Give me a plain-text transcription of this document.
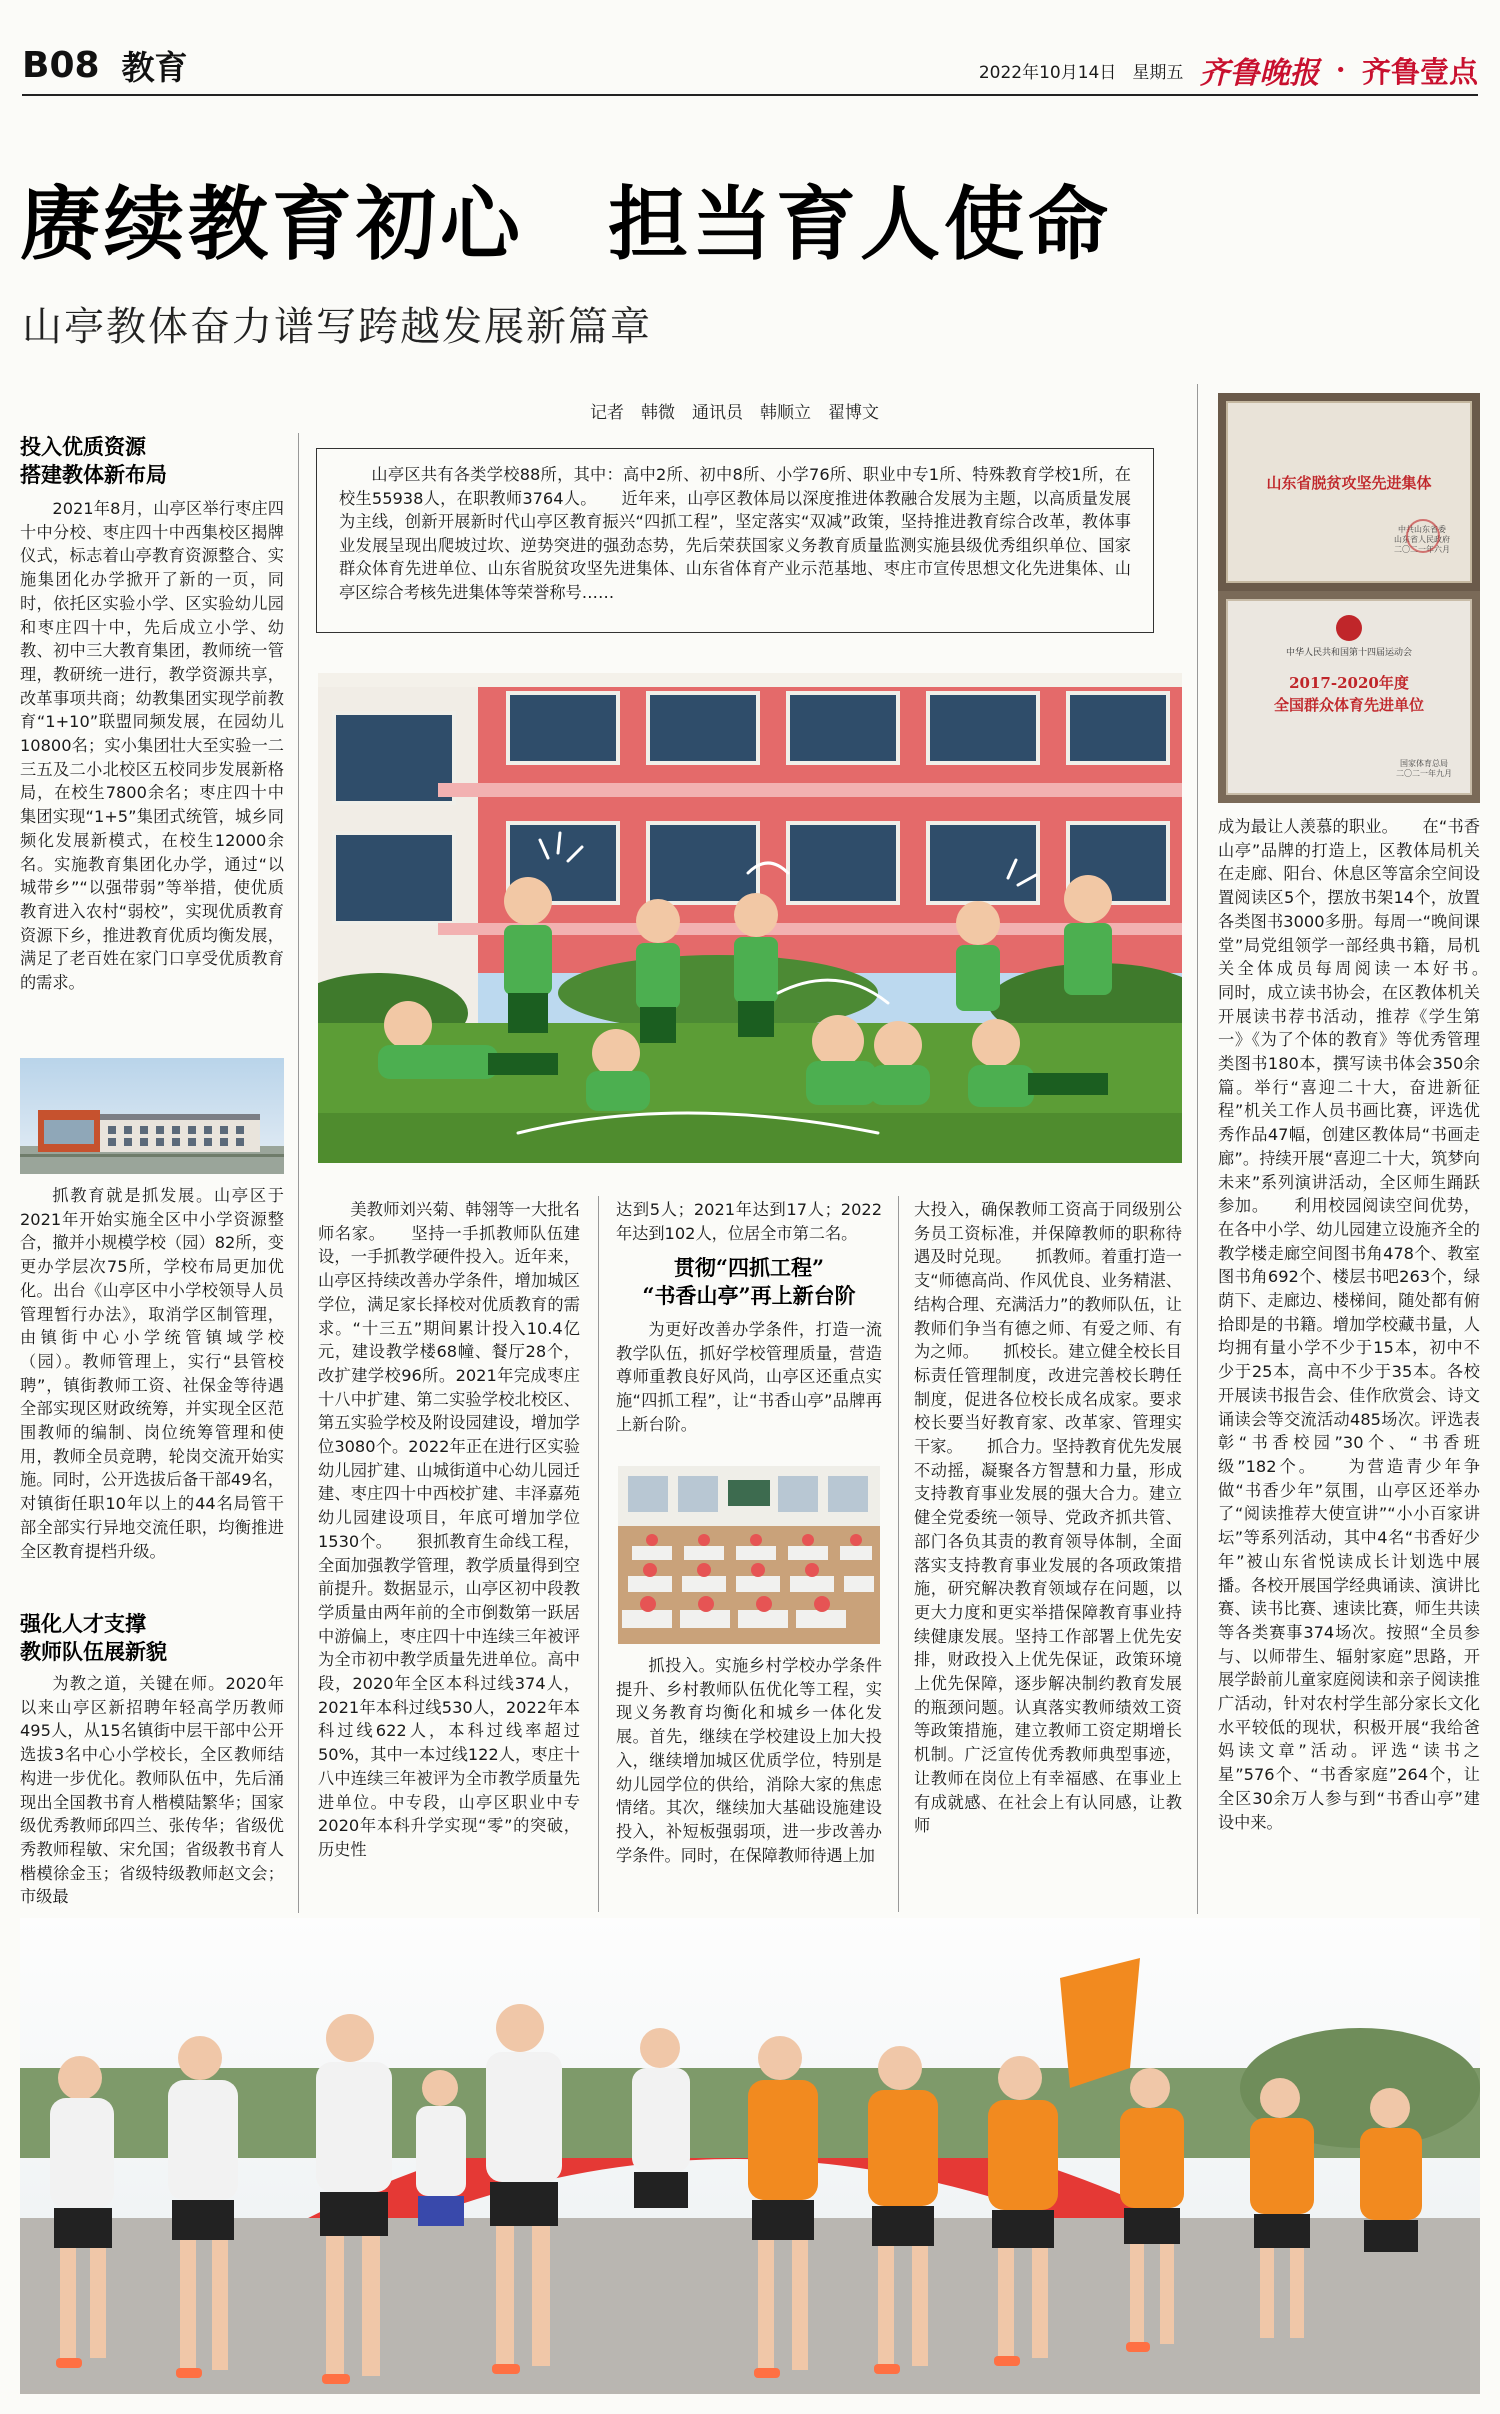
B08 教育	2022年10月14日 星期五 齐鲁晚报 • 齐鲁壹点
赓续教育初心　担当育人使命
山亭教体奋力谱写跨越发展新篇章
记者　韩微　通讯员　韩顺立　翟博文

山亭区共有各类学校88所，其中：高中2所、初中8所、小学76所、职业中专1所、特殊教育学校1所，在校生55938人，在职教师3764人。　　近年来，山亭区教体局以深度推进体教融合发展为主题，以高质量发展为主线，创新开展新时代山亭区教育振兴“四抓工程”，坚定落实“双减”政策，坚持推进教育综合改革，教体事业发展呈现出爬坡过坎、逆势突进的强劲态势，先后荣获国家义务教育质量监测实施县级优秀组织单位、国家群众体育先进单位、山东省脱贫攻坚先进集体、山东省体育产业示范基地、枣庄市宣传思想文化先进集体、山亭区综合考核先进集体等荣誉称号……

投入优质资源
搭建教体新布局

2021年8月，山亭区举行枣庄四十中分校、枣庄四十中西集校区揭牌仪式，标志着山亭教育资源整合、实施集团化办学掀开了新的一页，同时，依托区实验小学、区实验幼儿园和枣庄四十中，先后成立小学、幼教、初中三大教育集团，教师统一管理，教研统一进行，教学资源共享，改革事项共商；幼教集团实现学前教育“1+10”联盟同频发展，在园幼儿10800名；实小集团壮大至实验一二三五及二小北校区五校同步发展新格局，在校生7800余名；枣庄四十中集团实现“1+5”集团式统管，城乡同频化发展新模式，在校生12000余名。实施教育集团化办学，通过“以城带乡”“以强带弱”等举措，使优质教育进入农村“弱校”，实现优质教育资源下乡，推进教育优质均衡发展，满足了老百姓在家门口享受优质教育的需求。

抓教育就是抓发展。山亭区于2021年开始实施全区中小学资源整合，撤并小规模学校（园）82所，变更办学层次75所，学校布局更加优化。出台《山亭区中小学校领导人员管理暂行办法》，取消学区制管理，由镇街中心小学统管镇域学校（园）。教师管理上，实行“县管校聘”，镇街教师工资、社保金等待遇全部实现区财政统筹，并实现全区范围教师的编制、岗位统筹管理和使用，教师全员竞聘，轮岗交流开始实施。同时，公开选拔后备干部49名，对镇街任职10年以上的44名局管干部全部实行异地交流任职，均衡推进全区教育提档升级。

强化人才支撑
教师队伍展新貌

为教之道，关键在师。2020年以来山亭区新招聘年轻高学历教师495人，从15名镇街中层干部中公开选拔3名中心小学校长，全区教师结构进一步优化。教师队伍中，先后涌现出全国教书育人楷模陆繁华；国家级优秀教师邱四兰、张传华；省级优秀教师程敏、宋允国；省级教书育人楷模徐金玉；省级特级教师赵文会；市级最

美教师刘兴菊、韩翎等一大批名师名家。　　坚持一手抓教师队伍建设，一手抓教学硬件投入。近年来，山亭区持续改善办学条件，增加城区学位，满足家长择校对优质教育的需求。“十三五”期间累计投入10.4亿元，建设教学楼68幢、餐厅28个，改扩建学校96所。2021年完成枣庄十八中扩建、第二实验学校北校区、第五实验学校及附设园建设，增加学位3080个。2022年正在进行区实验幼儿园扩建、山城街道中心幼儿园迁建、枣庄四十中西校扩建、丰泽嘉苑幼儿园建设项目，年底可增加学位1530个。　　狠抓教育生命线工程，全面加强教学管理，教学质量得到空前提升。数据显示，山亭区初中段教学质量由两年前的全市倒数第一跃居中游偏上，枣庄四十中连续三年被评为全市初中教学质量先进单位。高中段，2020年全区本科过线374人，2021年本科过线530人，2022年本科过线622人，本科过线率超过50%，其中一本过线122人，枣庄十八中连续三年被评为全市教学质量先进单位。中专段，山亭区职业中专2020年本科升学实现“零”的突破，历史性

达到5人；2021年达到17人；2022年达到102人，位居全市第二名。

贯彻“四抓工程”
“书香山亭”再上新台阶

为更好改善办学条件，打造一流教学队伍，抓好学校管理质量，营造尊师重教良好风尚，山亭区还重点实施“四抓工程”，让“书香山亭”品牌再上新台阶。

抓投入。实施乡村学校办学条件提升、乡村教师队伍优化等工程，实现义务教育均衡化和城乡一体化发展。首先，继续在学校建设上加大投入，继续增加城区优质学位，特别是幼儿园学位的供给，消除大家的焦虑情绪。其次，继续加大基础设施建设投入，补短板强弱项，进一步改善办学条件。同时，在保障教师待遇上加

大投入，确保教师工资高于同级别公务员工资标准，并保障教师的职称待遇及时兑现。　　抓教师。着重打造一支“师德高尚、作风优良、业务精湛、结构合理、充满活力”的教师队伍，让教师们争当有德之师、有爱之师、有为之师。　　抓校长。建立健全校长目标责任管理制度，改进完善校长聘任制度，促进各位校长成名成家。要求校长要当好教育家、改革家、管理实干家。　　抓合力。坚持教育优先发展不动摇，凝聚各方智慧和力量，形成支持教育事业发展的强大合力。建立健全党委统一领导、党政齐抓共管、部门各负其责的教育领导体制，全面落实支持教育事业发展的各项政策措施，研究解决教育领域存在问题，以更大力度和更实举措保障教育事业持续健康发展。坚持工作部署上优先安排，财政投入上优先保证，政策环境上优先保障，逐步解决制约教育发展的瓶颈问题。认真落实教师绩效工资等政策措施，建立教师工资定期增长机制。广泛宣传优秀教师典型事迹，让教师在岗位上有幸福感、在事业上有成就感、在社会上有认同感，让教师

山东省脱贫攻坚先进集体
中共山东省委
山东省人民政府
二〇二一年六月
中华人民共和国第十四届运动会
2017-2020年度
全国群众体育先进单位
国家体育总局
二〇二一年九月

成为最让人羡慕的职业。　　在“书香山亭”品牌的打造上，区教体局机关在走廊、阳台、休息区等富余空间设置阅读区5个，摆放书架14个，放置各类图书3000多册。每周一“晚间课堂”局党组领学一部经典书籍，局机关全体成员每周阅读一本好书。　　同时，成立读书协会，在区教体机关开展读书荐书活动，推荐《学生第一》《为了个体的教育》等优秀管理类图书180本，撰写读书体会350余篇。举行“喜迎二十大，奋进新征程”机关工作人员书画比赛，评选优秀作品47幅，创建区教体局“书画走廊”。持续开展“喜迎二十大，筑梦向未来”系列演讲活动，全区师生踊跃参加。　　利用校园阅读空间优势，在各中小学、幼儿园建立设施齐全的教学楼走廊空间图书角478个、教室图书角692个、楼层书吧263个，绿荫下、走廊边、楼梯间，随处都有俯拾即是的书籍。增加学校藏书量，人均拥有量小学不少于15本，初中不少于25本，高中不少于35本。各校开展读书报告会、佳作欣赏会、诗文诵读会等交流活动485场次。评选表彰“书香校园”30个、“书香班级”182个。　　为营造青少年争做“书香少年”氛围，山亭区还举办了“阅读推荐大使宣讲”“小小百家讲坛”等系列活动，其中4名“书香好少年”被山东省悦读成长计划选中展播。各校开展国学经典诵读、演讲比赛、读书比赛、速读比赛，师生共读等各类赛事374场次。按照“全员参与、以师带生、辐射家庭”思路，开展学龄前儿童家庭阅读和亲子阅读推广活动，针对农村学生部分家长文化水平较低的现状，积极开展“我给爸妈读文章”活动。评选“读书之星”576个、“书香家庭”264个，让全区30余万人参与到“书香山亭”建设中来。
